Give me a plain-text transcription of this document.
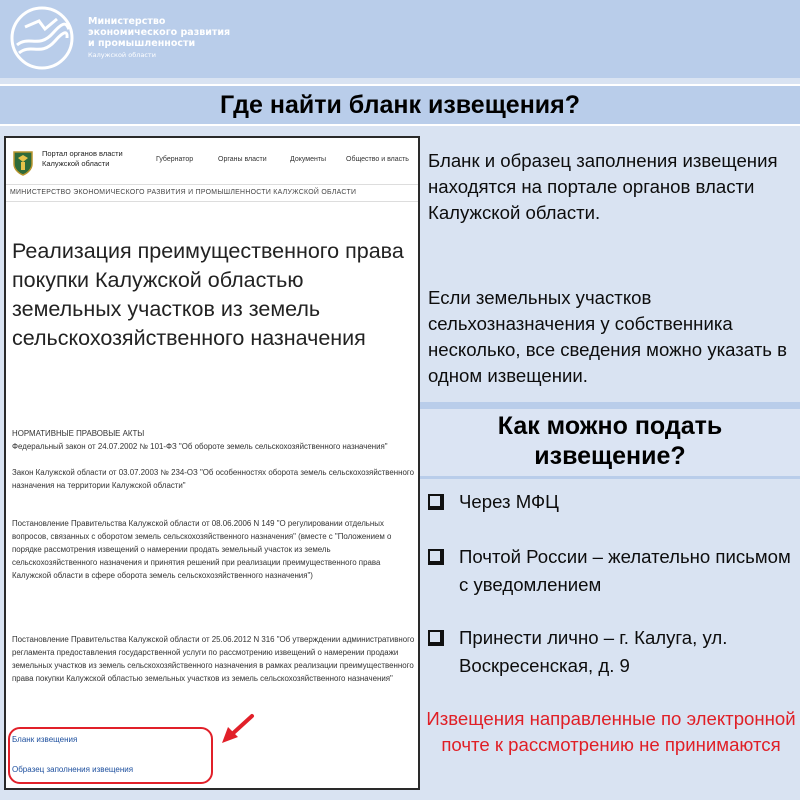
Министерство
экономического развития
и промышленности
Калужской области
Где найти бланк извещения?
Портал органов власти
Калужской области	Губернатор	Органы власти	Документы	Общество и власть
МИНИСТЕРСТВО ЭКОНОМИЧЕСКОГО РАЗВИТИЯ И ПРОМЫШЛЕННОСТИ КАЛУЖСКОЙ ОБЛАСТИ
Реализация преимущественного права покупки Калужской областью земельных участков из земель сельскохозяйственного назначения
НОРМАТИВНЫЕ ПРАВОВЫЕ АКТЫ
Федеральный закон от 24.07.2002 № 101-ФЗ "Об обороте земель сельскохозяйственного назначения"
Закон Калужской области от 03.07.2003 № 234-ОЗ "Об особенностях оборота земель сельскохозяйственного назначения на территории Калужской области"
Постановление Правительства Калужской области от 08.06.2006 N 149 "О регулировании отдельных вопросов, связанных с оборотом земель сельскохозяйственного назначения" (вместе с "Положением о порядке рассмотрения извещений о намерении продать земельный участок из земель сельскохозяйственного назначения и принятия решений при реализации преимущественного права Калужской области в сфере оборота земель сельскохозяйственного назначения")
Постановление Правительства Калужской области от 25.06.2012 N 316 "Об утверждении административного регламента предоставления государственной услуги по рассмотрению извещений о намерении продажи земельных участков из земель сельскохозяйственного назначения в рамках реализации преимущественного права покупки Калужской областью земельных участков из земель сельскохозяйственного назначения"
Бланк извещения
Образец заполнения извещения
Бланк и образец заполнения извещения находятся на портале органов власти Калужской области.
Если земельных участков сельхозназначения у собственника несколько, все сведения можно указать в одном извещении.
Как можно подать извещение?
Через МФЦ
Почтой России – желательно письмом с уведомлением
Принести лично – г. Калуга, ул. Воскресенская, д. 9
Извещения направленные по электронной почте к рассмотрению не принимаются
